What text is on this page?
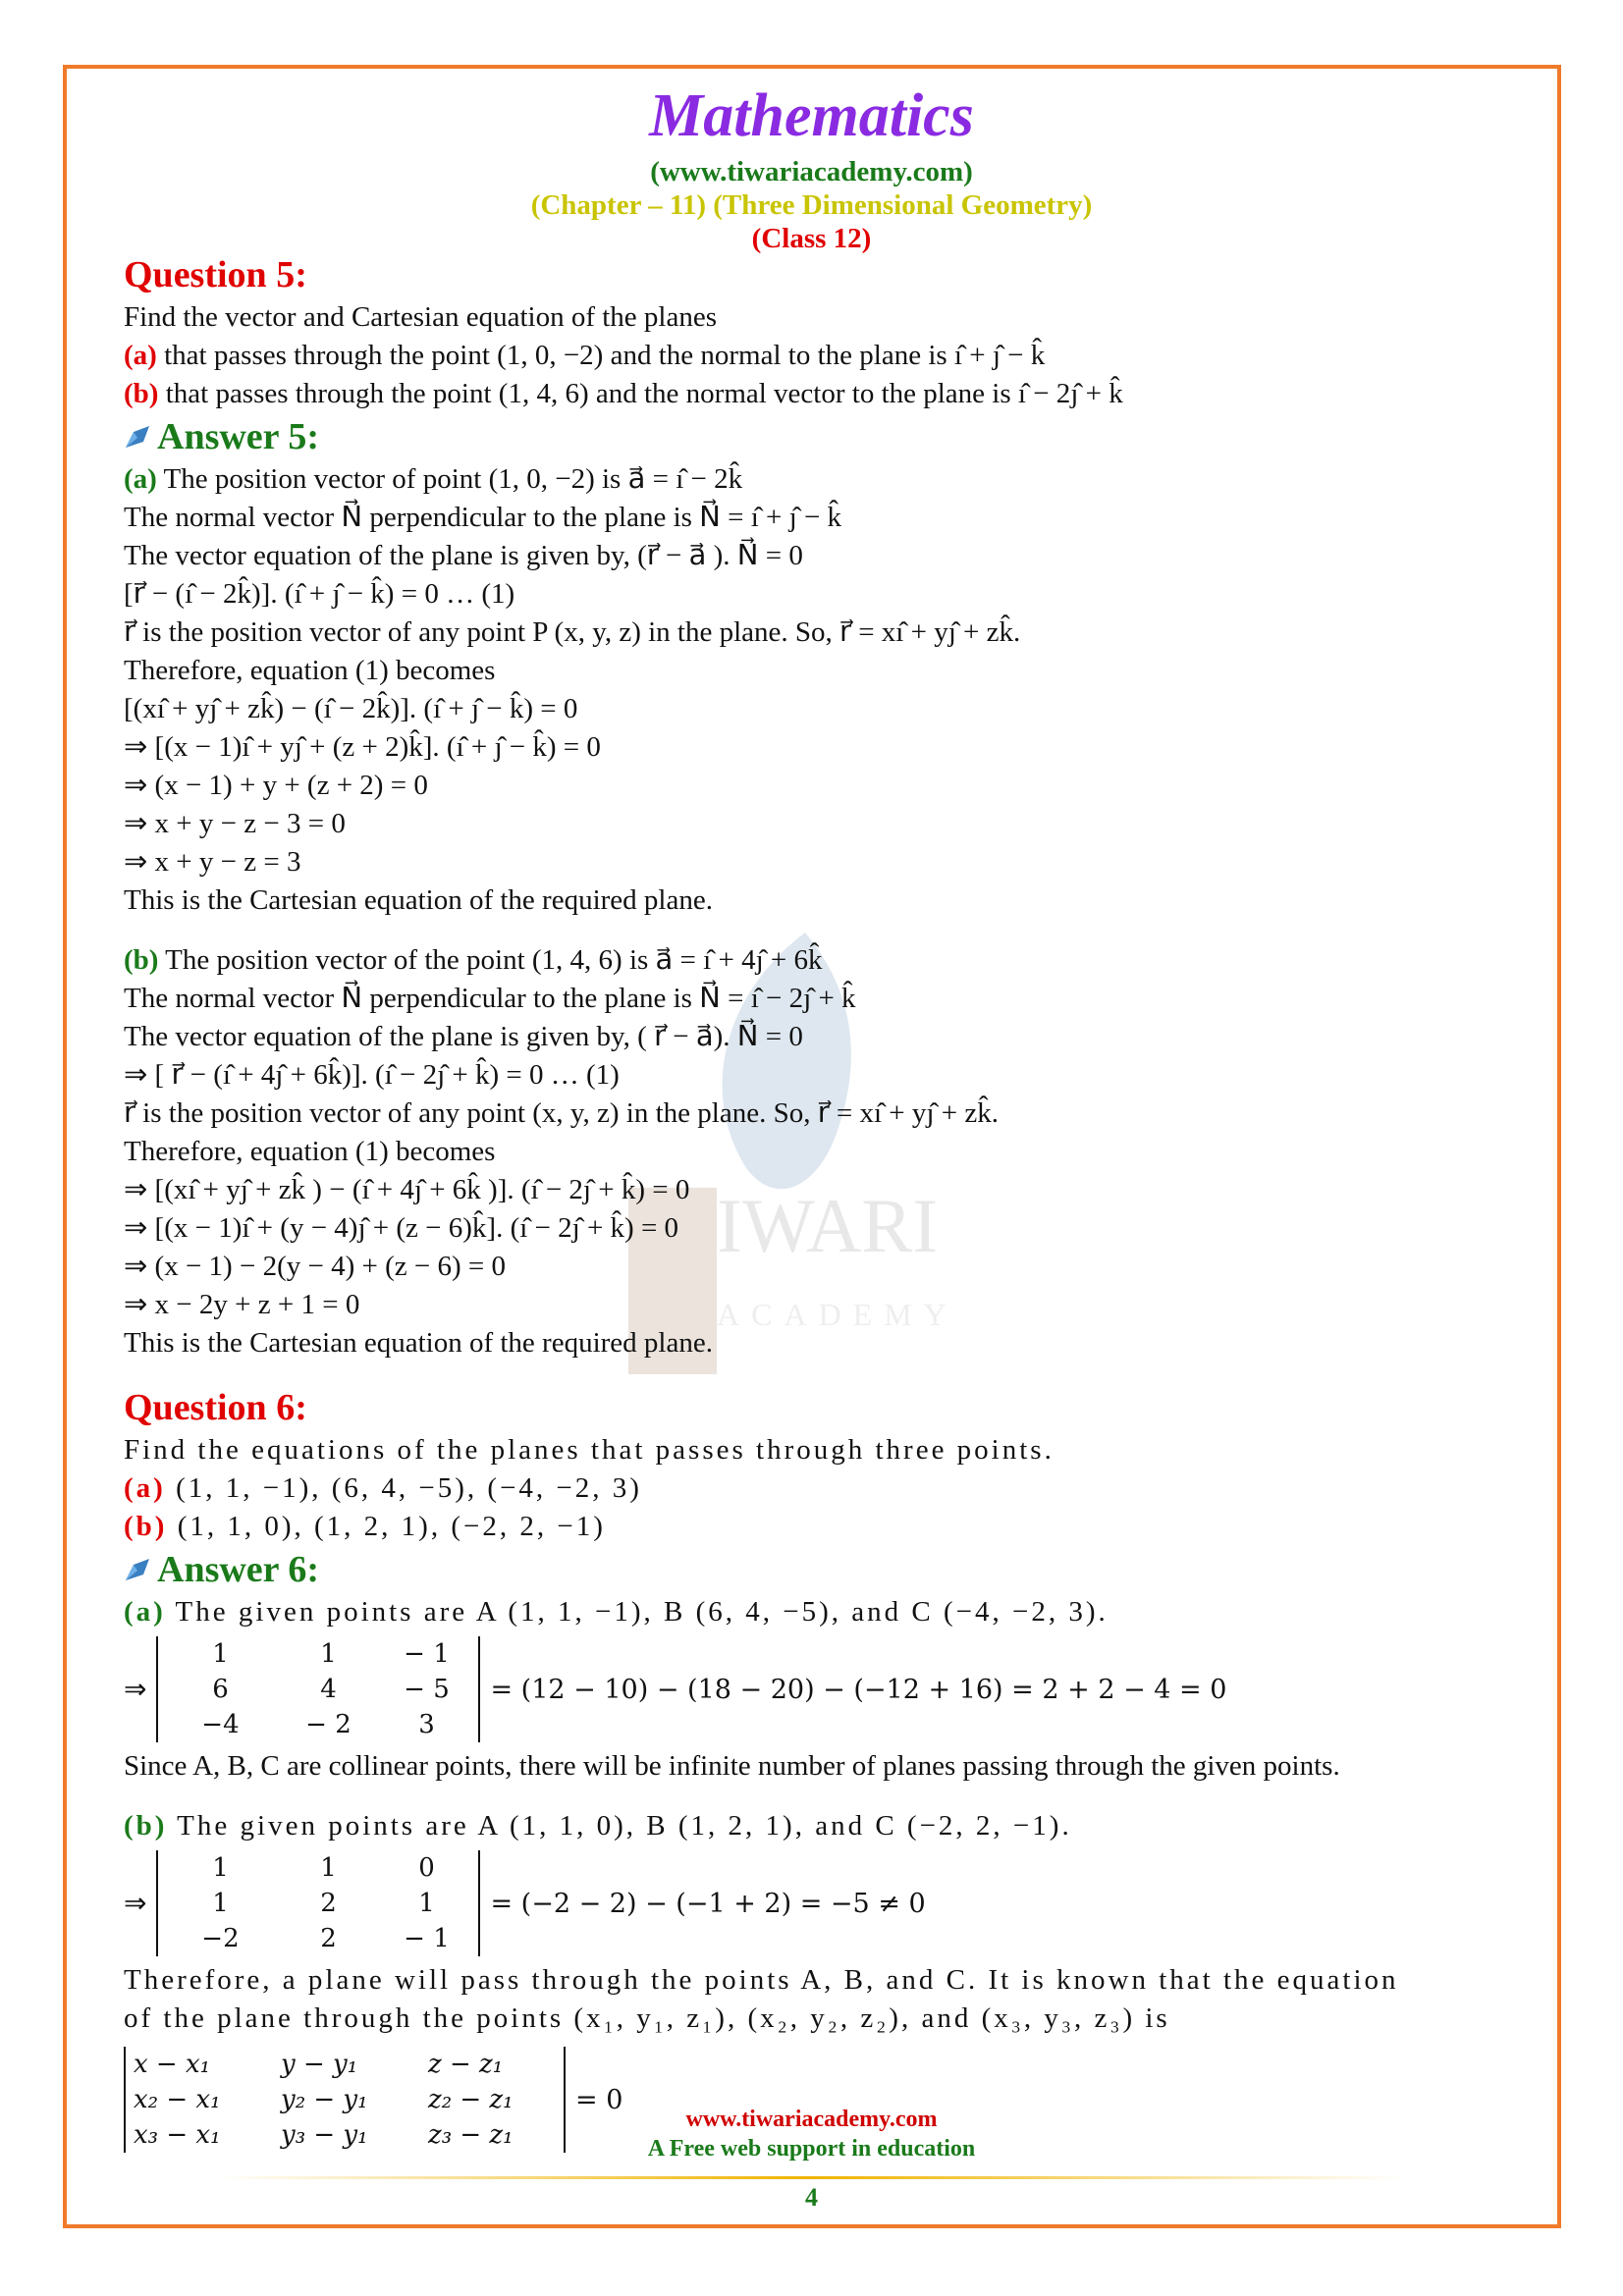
IWARI
ACADEMY
Mathematics
(www.tiwariacademy.com)
(Chapter – 11) (Three Dimensional Geometry)
(Class 12)
Question 5:
Find the vector and Cartesian equation of the planes
(a) that passes through the point (1, 0, −2) and the normal to the plane is ı̂ + ȷ̂ − k̂
(b) that passes through the point (1, 4, 6) and the normal vector to the plane is ı̂ − 2ȷ̂ + k̂
Answer 5:
(a) The position vector of point (1, 0, −2) is a⃗ = ı̂ − 2k̂
The normal vector N⃗ perpendicular to the plane is N⃗ = ı̂ + ȷ̂ − k̂
The vector equation of the plane is given by, (r⃗ − a⃗ ). N⃗ = 0
[r⃗ − (ı̂ − 2k̂)]. (ı̂ + ȷ̂ − k̂) = 0 … (1)
r⃗ is the position vector of any point P (x, y, z) in the plane. So, r⃗ = xı̂ + yȷ̂ + zk̂.
Therefore, equation (1) becomes
[(xı̂ + yȷ̂ + zk̂) − (ı̂ − 2k̂)]. (ı̂ + ȷ̂ − k̂) = 0
⇒ [(x − 1)ı̂ + yȷ̂ + (z + 2)k̂]. (ı̂ + ȷ̂ − k̂) = 0
⇒ (x − 1) + y + (z + 2) = 0
⇒ x + y − z − 3 = 0
⇒ x + y − z = 3
This is the Cartesian equation of the required plane.
(b) The position vector of the point (1, 4, 6) is a⃗ = ı̂ + 4ȷ̂ + 6k̂
The normal vector N⃗ perpendicular to the plane is N⃗ = ı̂ − 2ȷ̂ + k̂
The vector equation of the plane is given by, ( r⃗ − a⃗). N⃗ = 0
⇒ [ r⃗ − (ı̂ + 4ȷ̂ + 6k̂)]. (ı̂ − 2ȷ̂ + k̂) = 0 … (1)
r⃗ is the position vector of any point (x, y, z) in the plane. So, r⃗ = xı̂ + yȷ̂ + zk̂.
Therefore, equation (1) becomes
⇒ [(xı̂ + yȷ̂ + zk̂ ) − (ı̂ + 4ȷ̂ + 6k̂ )]. (ı̂ − 2ȷ̂ + k̂) = 0
⇒ [(x − 1)ı̂ + (y − 4)ȷ̂ + (z − 6)k̂]. (ı̂ − 2ȷ̂ + k̂) = 0
⇒ (x − 1) − 2(y − 4) + (z − 6) = 0
⇒ x − 2y + z + 1 = 0
This is the Cartesian equation of the required plane.
Question 6:
Find the equations of the planes that passes through three points.
(a) (1, 1, −1), (6, 4, −5), (−4, −2, 3)
(b) (1, 1, 0), (1, 2, 1), (−2, 2, −1)
Answer 6:
(a) The given points are A (1, 1, −1), B (6, 4, −5), and C (−4, −2, 3).
⇒
1	1	− 1
6	4	− 5
−4	− 2	3
= (12 − 10) − (18 − 20) − (−12 + 16) = 2 + 2 − 4 = 0
Since A, B, C are collinear points, there will be infinite number of planes passing through the given points.
(b) The given points are A (1, 1, 0), B (1, 2, 1), and C (−2, 2, −1).
⇒
1	1	0
1	2	1
−2	2	− 1
= (−2 − 2) − (−1 + 2) = −5 ≠ 0
Therefore, a plane will pass through the points A, B, and C. It is known that the equation
of the plane through the points (x₁, y₁, z₁), (x₂, y₂, z₂), and (x₃, y₃, z₃) is
x − x₁	y − y₁	z − z₁
x₂ − x₁	y₂ − y₁	z₂ − z₁
x₃ − x₁	y₃ − y₁	z₃ − z₁
= 0
www.tiwariacademy.com
A Free web support in education
4
